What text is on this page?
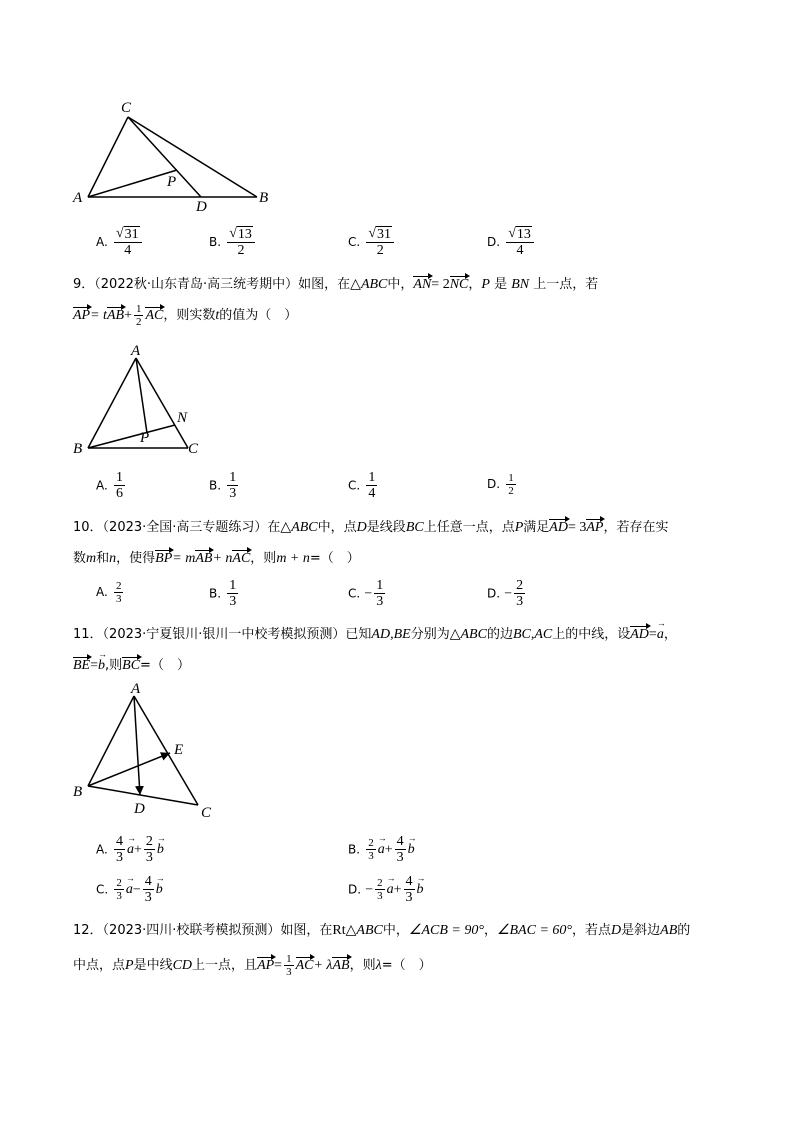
C
A
P
D
B
A. $\frac{√ 31}{4}$	B. $\frac{√ 13}{2}$	C. $\frac{√ 31}{2}$	D. $\frac{√ 13}{4}$
9．（2022秋·山东青岛·高三统考期中）如图，在△ABC中，AN= 2NC，P 是 BN 上一点，若
$AP= tAB+ \frac{1}{2}$ AC，则实数t的值为（　）
A
N
P
B	C
A. $\frac{1}{6}$	B. $\frac{1}{3}$	C. $\frac{1}{4}$	D. $\frac{1}{2}$
10．（2023·全国·高三专题练习）在△ABC中，点D是线段BC上任意一点，点P满足AD= 3AP，若存在实
数m和n，使得BP= mAB+ nAC，则m + n=（　）
A. $\frac{2}{3}$	B. $\frac{1}{3}$	C. − $\frac{1}{3}$	D. − $\frac{2}{3}$
11．（2023·宁夏银川·银川一中校考模拟预测）已知AD,BE分别为△ABC的边BC,AC上的中线，设AD=a →，
BE=b →,则BC=（　）
A
E
B
D	C
A. $\frac{4}{3}$ $a \to+ \frac{2}{3}$ b →	B. $\frac{2}{3}$ $a \to+ \frac{4}{3}$ b →
C. $\frac{2}{3}$ $a \to- \frac{4}{3}$ b →	D. − $\frac{2}{3}$ $a \to+ \frac{4}{3}$ b →
12．（2023·四川·校联考模拟预测）如图，在Rt△ABC中，∠ACB = 90°，∠BAC = 60°，若点D是斜边AB的
中点，点P是中线CD上一点，且$AP= \frac{1}{3} AC+ \lambda AB$，则λ=（　）
